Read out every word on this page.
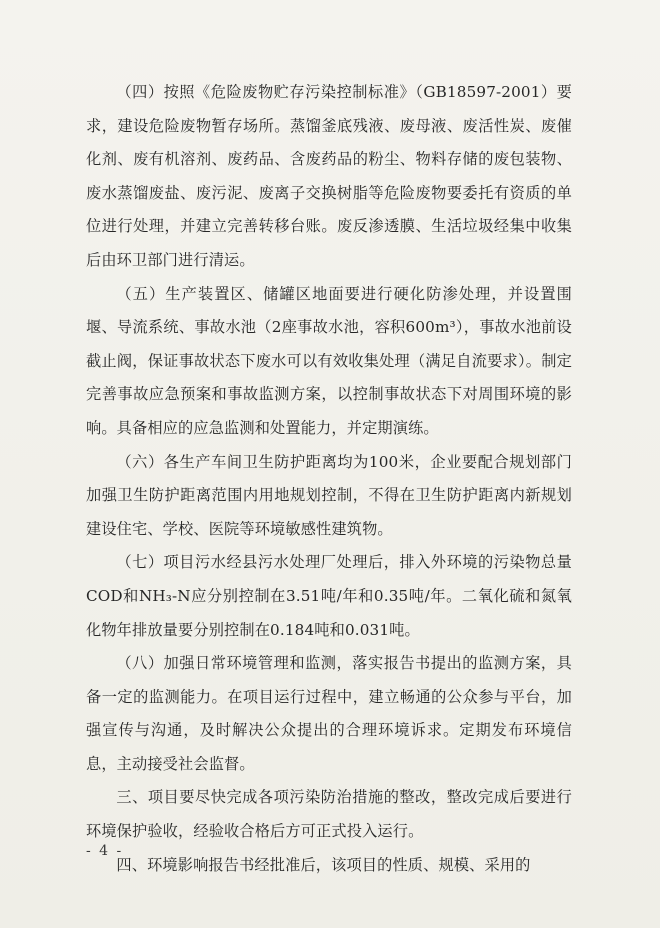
（四）按照《危险废物贮存污染控制标准》（GB18597-2001）要求，建设危险废物暂存场所。蒸馏釜底残液、废母液、废活性炭、废催化剂、废有机溶剂、废药品、含废药品的粉尘、物料存储的废包装物、废水蒸馏废盐、废污泥、废离子交换树脂等危险废物要委托有资质的单位进行处理，并建立完善转移台账。废反渗透膜、生活垃圾经集中收集后由环卫部门进行清运。

（五）生产装置区、储罐区地面要进行硬化防渗处理，并设置围堰、导流系统、事故水池（2座事故水池，容积600m³），事故水池前设截止阀，保证事故状态下废水可以有效收集处理（满足自流要求）。制定完善事故应急预案和事故监测方案，以控制事故状态下对周围环境的影响。具备相应的应急监测和处置能力，并定期演练。

（六）各生产车间卫生防护距离均为100米，企业要配合规划部门加强卫生防护距离范围内用地规划控制，不得在卫生防护距离内新规划建设住宅、学校、医院等环境敏感性建筑物。

（七）项目污水经县污水处理厂处理后，排入外环境的污染物总量COD和NH₃-N应分别控制在3.51吨/年和0.35吨/年。二氧化硫和氮氧化物年排放量要分别控制在0.184吨和0.031吨。

（八）加强日常环境管理和监测，落实报告书提出的监测方案，具备一定的监测能力。在项目运行过程中，建立畅通的公众参与平台，加强宣传与沟通，及时解决公众提出的合理环境诉求。定期发布环境信息，主动接受社会监督。

三、项目要尽快完成各项污染防治措施的整改，整改完成后要进行环境保护验收，经验收合格后方可正式投入运行。

四、环境影响报告书经批准后，该项目的性质、规模、采用的

- 4 -
